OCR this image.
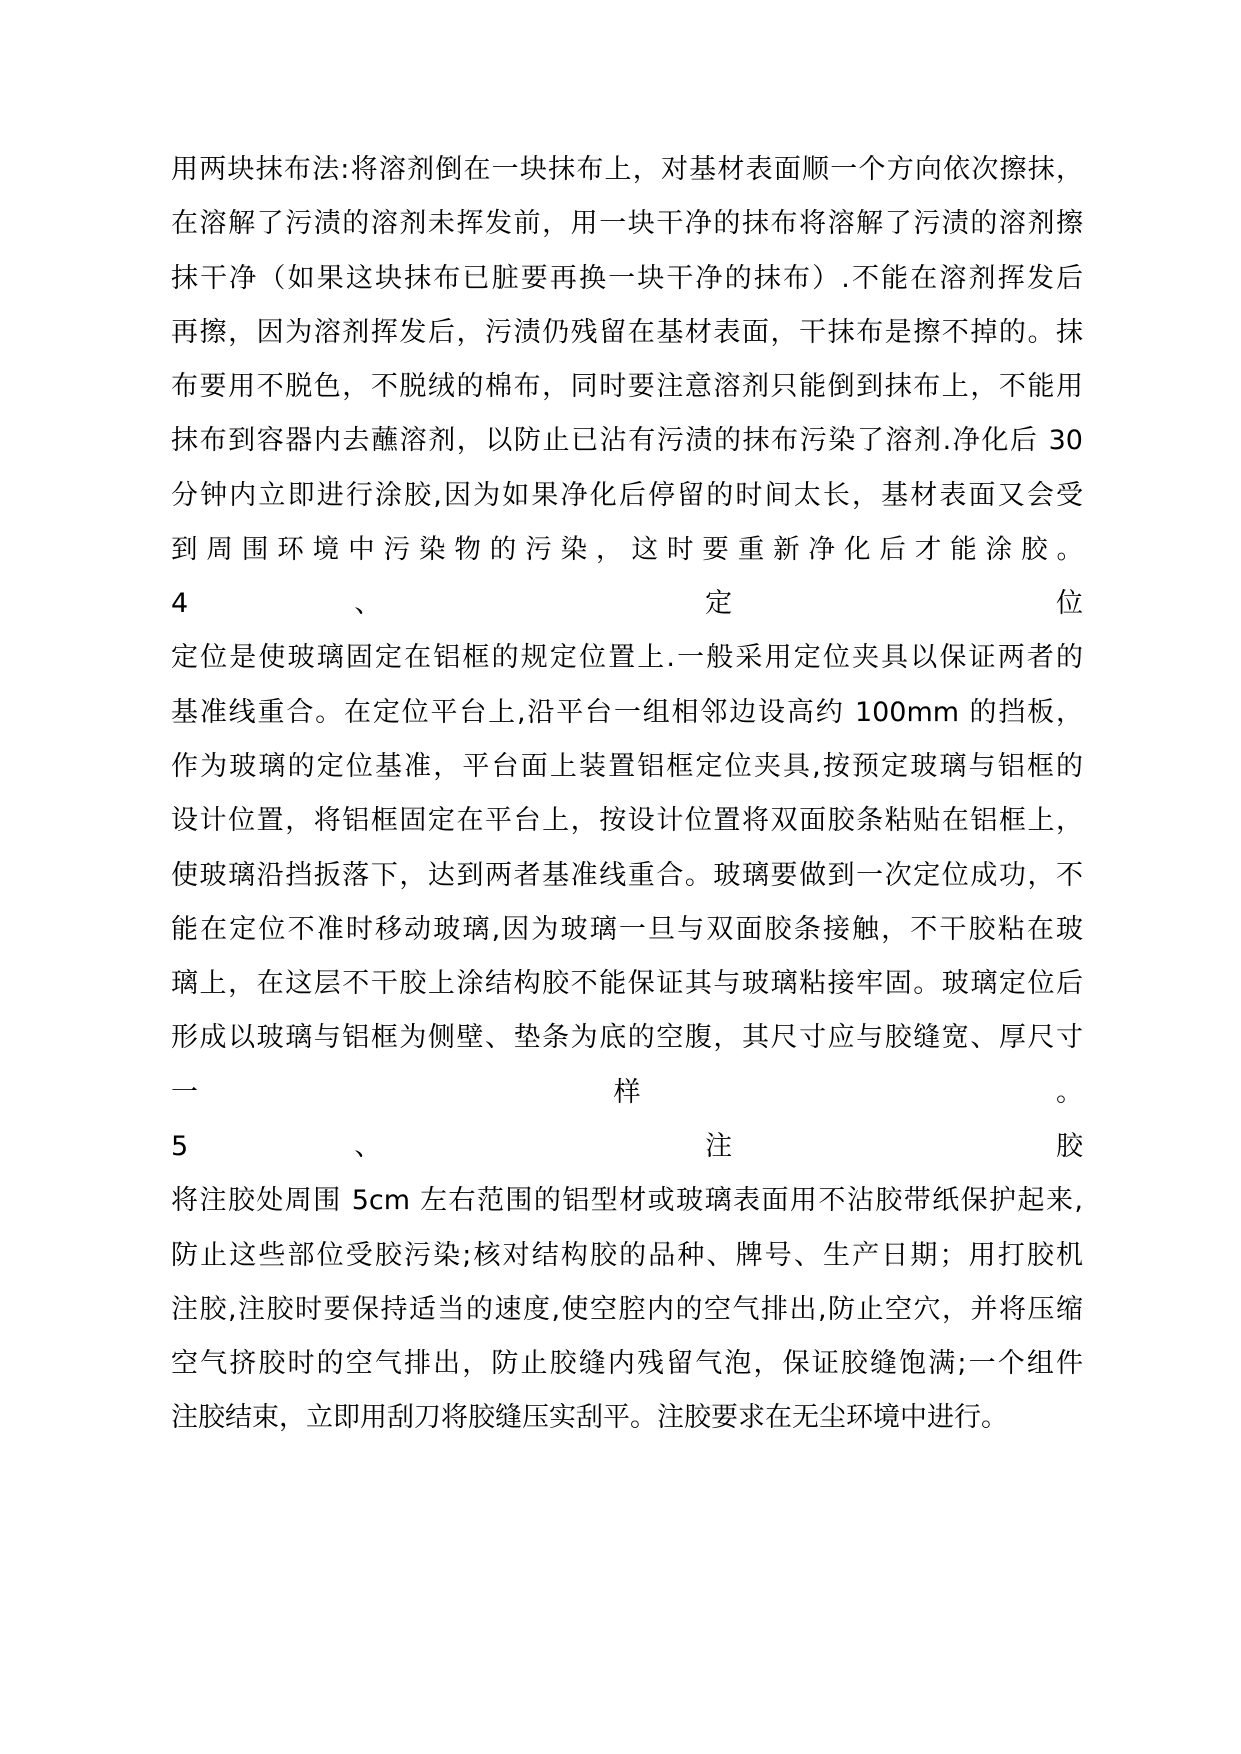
用两块抹布法:将溶剂倒在一块抹布上，对基材表面顺一个方向依次擦抹，
在溶解了污渍的溶剂未挥发前，用一块干净的抹布将溶解了污渍的溶剂擦
抹干净（如果这块抹布已脏要再换一块干净的抹布）.不能在溶剂挥发后
再擦，因为溶剂挥发后，污渍仍残留在基材表面，干抹布是擦不掉的。抹
布要用不脱色，不脱绒的棉布，同时要注意溶剂只能倒到抹布上，不能用
抹布到容器内去蘸溶剂，以防止已沾有污渍的抹布污染了溶剂.净化后 30
分钟内立即进行涂胶,因为如果净化后停留的时间太长，基材表面又会受
到 周 围 环 境 中 污 染 物 的 污 染 ， 这 时 要 重 新 净 化 后 才 能 涂 胶 。
4 、 定 位
定位是使玻璃固定在铝框的规定位置上.一般采用定位夹具以保证两者的
基准线重合。在定位平台上,沿平台一组相邻边设高约 100mm 的挡板，
作为玻璃的定位基准，平台面上装置铝框定位夹具,按预定玻璃与铝框的
设计位置，将铝框固定在平台上，按设计位置将双面胶条粘贴在铝框上，
使玻璃沿挡扳落下，达到两者基准线重合。玻璃要做到一次定位成功，不
能在定位不准时移动玻璃,因为玻璃一旦与双面胶条接触，不干胶粘在玻
璃上，在这层不干胶上涂结构胶不能保证其与玻璃粘接牢固。玻璃定位后
形成以玻璃与铝框为侧壁、垫条为底的空腹，其尺寸应与胶缝宽、厚尺寸
一 样 。
5 、 注 胶
将注胶处周围 5cm 左右范围的铝型材或玻璃表面用不沾胶带纸保护起来,
防止这些部位受胶污染;核对结构胶的品种、牌号、生产日期；用打胶机
注胶,注胶时要保持适当的速度,使空腔内的空气排出,防止空穴，并将压缩
空气挤胶时的空气排出，防止胶缝内残留气泡，保证胶缝饱满;一个组件
注胶结束，立即用刮刀将胶缝压实刮平。注胶要求在无尘环境中进行。
